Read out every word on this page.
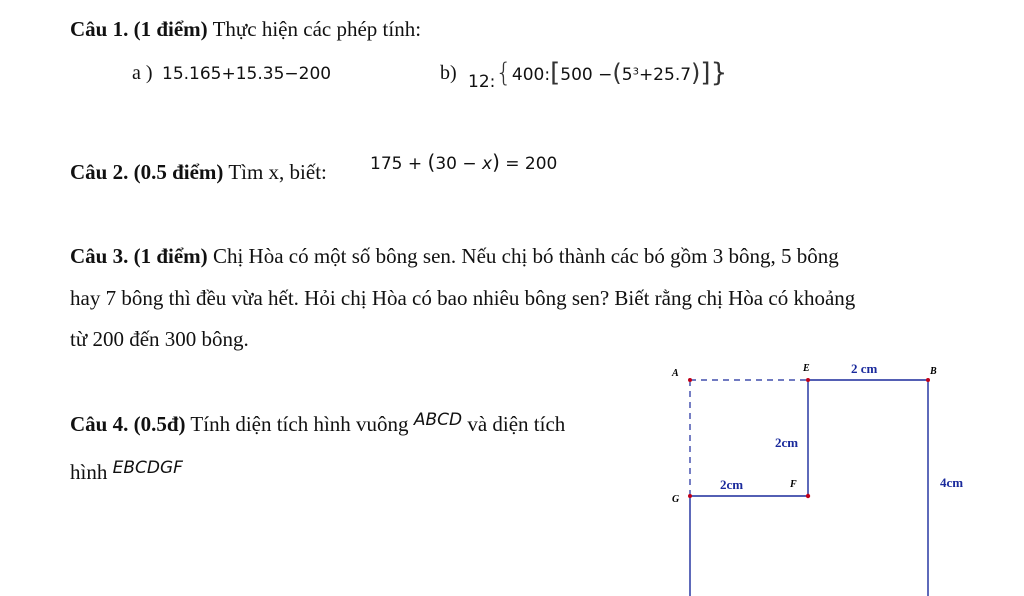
Câu 1. (1 điểm) Thực hiện các phép tính:
a ) 15.165+15.35−200	b) 12:{400:[500 $-(5^3+25.7)$]}
Câu 2. (0.5 điểm) Tìm x, biết:	175 + (30 − x) = 200
Câu 3. (1 điểm) Chị Hòa có một số bông sen. Nếu chị bó thành các bó gồm 3 bông, 5 bông
hay 7 bông thì đều vừa hết. Hỏi chị Hòa có bao nhiêu bông sen? Biết rằng chị Hòa có khoảng
từ 200 đến 300 bông.
Câu 4. (0.5đ) Tính diện tích hình vuông $^{ABCD}$ và diện tích
hình $^{EBCDGF}$
A	E	B
G
F
2 cm
2cm
2cm	4cm
